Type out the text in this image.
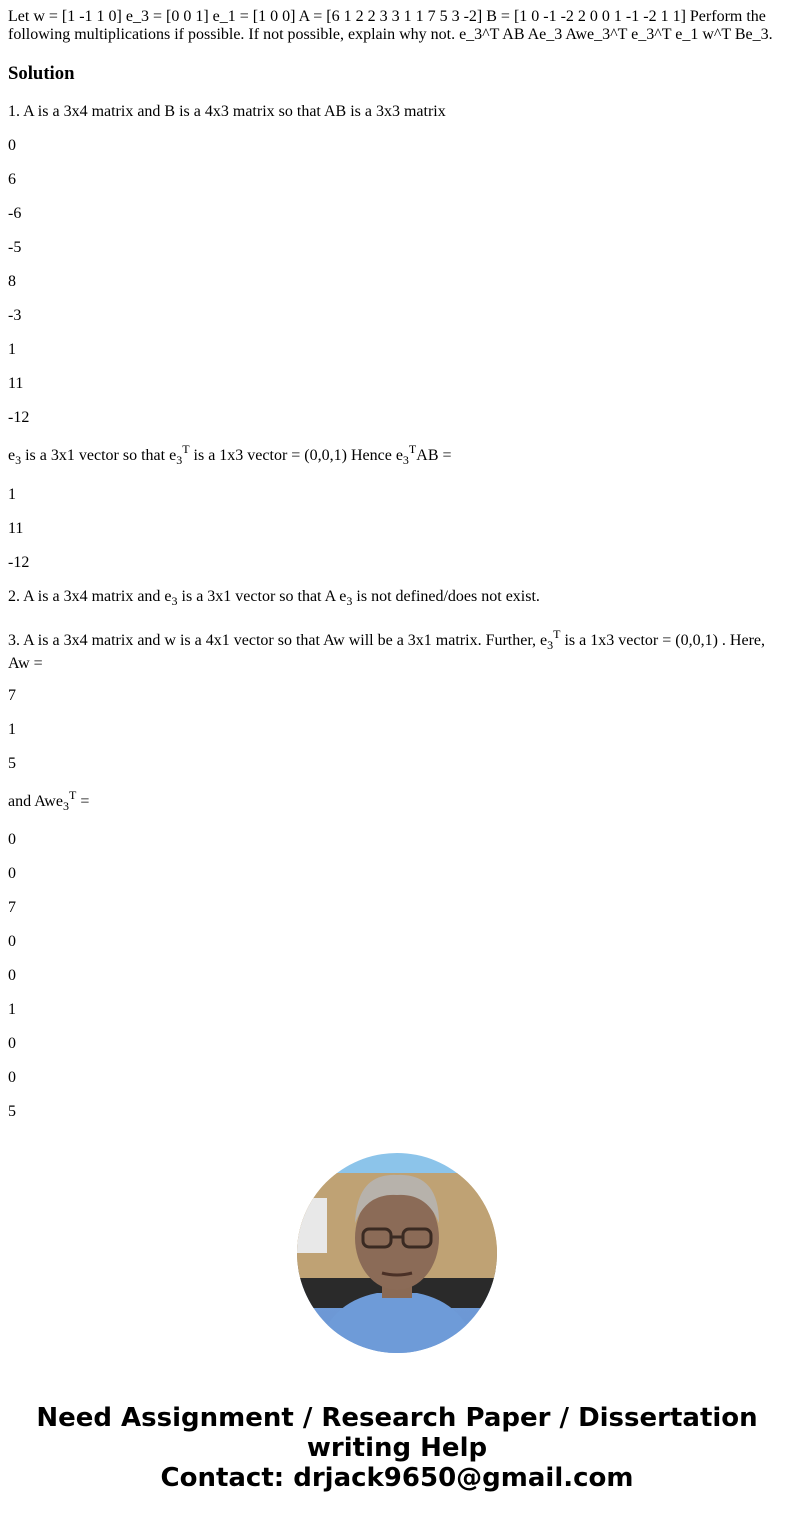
Let w = [1 -1 1 0] e_3 = [0 0 1] e_1 = [1 0 0] A = [6 1 2 2 3 3 1 1 7 5 3 -2] B = [1 0 -1 -2 2 0 0 1 -1 -2 1 1] Perform the following multiplications if possible. If not possible, explain why not. e_3^T AB Ae_3 Awe_3^T e_3^T e_1 w^T Be_3.

Solution

1. A is a 3x4 matrix and B is a 4x3 matrix so that AB is a 3x3 matrix

0

6

-6

-5

8

-3

1

11

-12

$e_3$ is a 3x1 vector so that $e_3^T$ is a 1x3 vector = (0,0,1) Hence $e_3^TAB$ =

1

11

-12

2. A is a 3x4 matrix and $e_3$ is a 3x1 vector so that A $e_3$ is not defined/does not exist.

3. A is a 3x4 matrix and w is a 4x1 vector so that Aw will be a 3x1 matrix. Further, $e_3^T$ is a 1x3 vector = (0,0,1) . Here, Aw =

7

1

5

and Awe$_3^T$ =

0

0

7

0

0

1

0

0

5

Need Assignment / Research Paper / Dissertation
writing Help
Contact: drjack9650@gmail.com
